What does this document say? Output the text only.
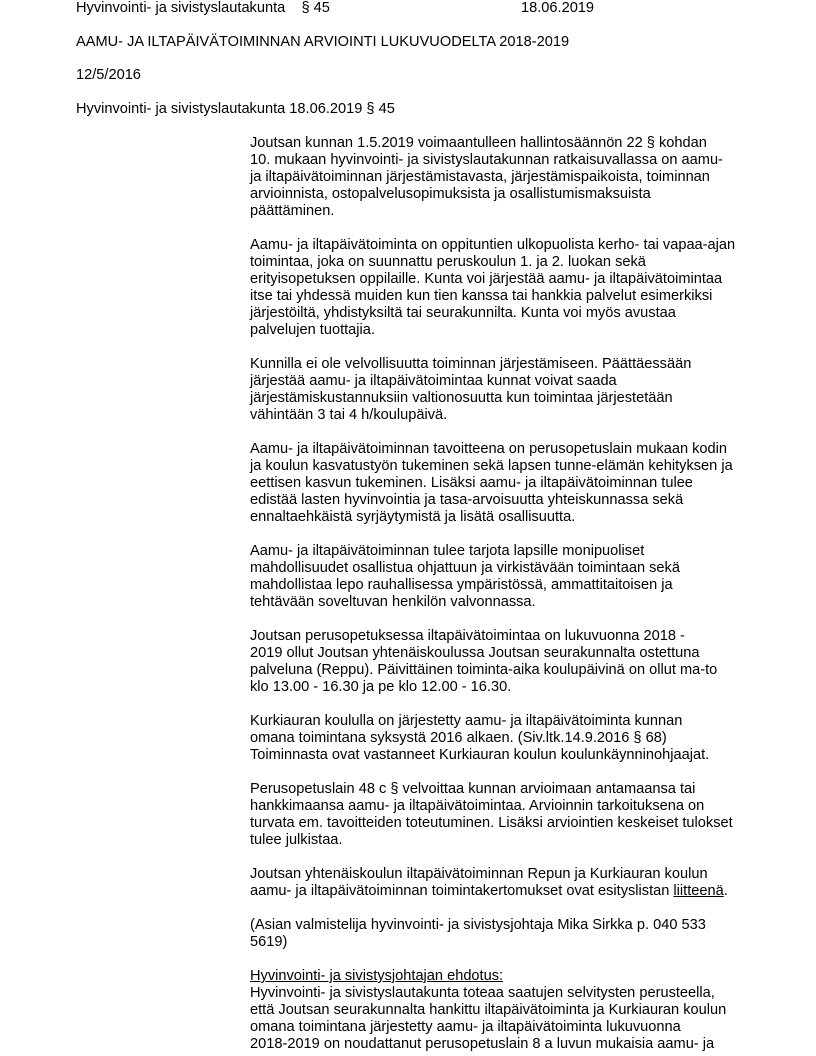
Hyvinvointi- ja sivistyslautakunta    § 45	18.06.2019
AAMU- JA ILTAPÄIVÄTOIMINNAN ARVIOINTI LUKUVUODELTA 2018-2019
12/5/2016
Hyvinvointi- ja sivistyslautakunta 18.06.2019 § 45

Joutsan kunnan 1.5.2019 voimaantulleen hallintosäännön 22 § kohdan
10. mukaan hyvinvointi- ja sivistyslautakunnan ratkaisuvallassa on aamu-
ja iltapäivätoiminnan järjestämistavasta, järjestämispaikoista, toiminnan
arvioinnista, ostopalvelusopimuksista ja osallistumismaksuista
päättäminen.

Aamu- ja iltapäivätoiminta on oppituntien ulkopuolista kerho- tai vapaa-ajan
toimintaa, joka on suunnattu peruskoulun 1. ja 2. luokan sekä
erityisopetuksen oppilaille. Kunta voi järjestää aamu- ja iltapäivätoimintaa
itse tai yhdessä muiden kun tien kanssa tai hankkia palvelut esimerkiksi
järjestöiltä, yhdistyksiltä tai seurakunnilta. Kunta voi myös avustaa
palvelujen tuottajia.

Kunnilla ei ole velvollisuutta toiminnan järjestämiseen. Päättäessään
järjestää aamu- ja iltapäivätoimintaa kunnat voivat saada
järjestämiskustannuksiin valtionosuutta kun toimintaa järjestetään
vähintään 3 tai 4 h/koulupäivä.

Aamu- ja iltapäivätoiminnan tavoitteena on perusopetuslain mukaan kodin
ja koulun kasvatustyön tukeminen sekä lapsen tunne-elämän kehityksen ja
eettisen kasvun tukeminen. Lisäksi aamu- ja iltapäivätoiminnan tulee
edistää lasten hyvinvointia ja tasa-arvoisuutta yhteiskunnassa sekä
ennaltaehkäistä syrjäytymistä ja lisätä osallisuutta.

Aamu- ja iltapäivätoiminnan tulee tarjota lapsille monipuoliset
mahdollisuudet osallistua ohjattuun ja virkistävään toimintaan sekä
mahdollistaa lepo rauhallisessa ympäristössä, ammattitaitoisen ja
tehtävään soveltuvan henkilön valvonnassa.

Joutsan perusopetuksessa iltapäivätoimintaa on lukuvuonna 2018 -
2019 ollut Joutsan yhtenäiskoulussa Joutsan seurakunnalta ostettuna
palveluna (Reppu). Päivittäinen toiminta-aika koulupäivinä on ollut ma-to
klo 13.00 - 16.30 ja pe klo 12.00 - 16.30.

Kurkiauran koululla on järjestetty aamu- ja iltapäivätoiminta kunnan
omana toimintana syksystä 2016 alkaen. (Siv.ltk.14.9.2016 § 68)
Toiminnasta ovat vastanneet Kurkiauran koulun koulunkäynninohjaajat.

Perusopetuslain 48 c § velvoittaa kunnan arvioimaan antamaansa tai
hankkimaansa aamu- ja iltapäivätoimintaa. Arvioinnin tarkoituksena on
turvata em. tavoitteiden toteutuminen. Lisäksi arviointien keskeiset tulokset
tulee julkistaa.

Joutsan yhtenäiskoulun iltapäivätoiminnan Repun ja Kurkiauran koulun
aamu- ja iltapäivätoiminnan toimintakertomukset ovat esityslistan liitteenä.

(Asian valmistelija hyvinvointi- ja sivistysjohtaja Mika Sirkka p. 040 533
5619)

Hyvinvointi- ja sivistysjohtajan ehdotus:

Hyvinvointi- ja sivistyslautakunta toteaa saatujen selvitysten perusteella,
että Joutsan seurakunnalta hankittu iltapäivätoiminta ja Kurkiauran koulun
omana toimintana järjestetty aamu- ja iltapäivätoiminta lukuvuonna
2018-2019 on noudattanut perusopetuslain 8 a luvun mukaisia aamu- ja
